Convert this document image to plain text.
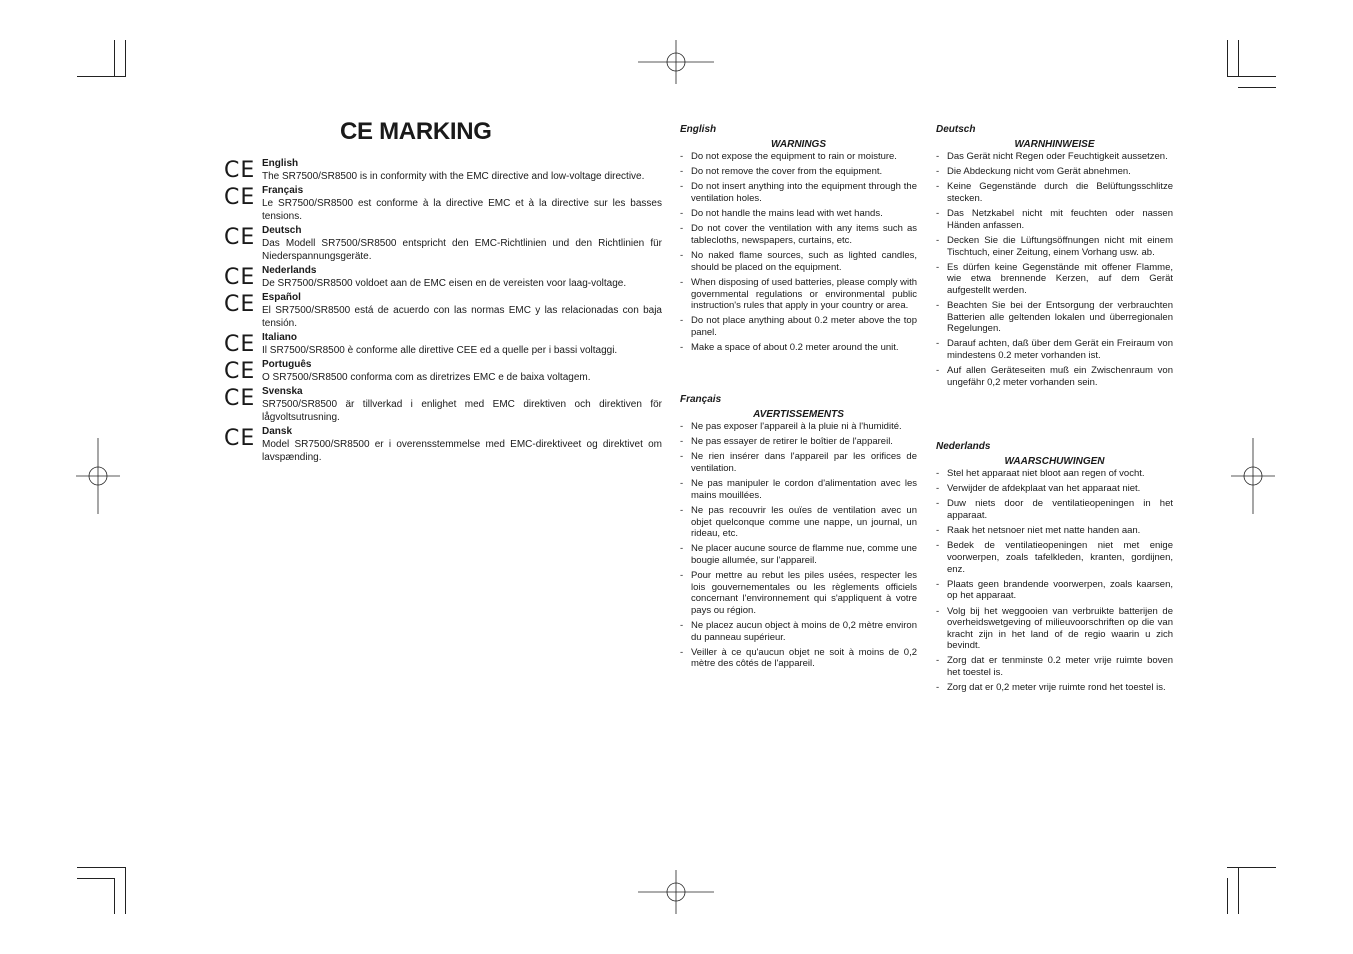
CE MARKING
CE English
The SR7500/SR8500 is in conformity with the EMC directive and low-voltage directive.
CE Français
Le SR7500/SR8500 est conforme à la directive EMC et à la directive sur les basses tensions.
CE Deutsch
Das Modell SR7500/SR8500 entspricht den EMC-Richtlinien und den Richtlinien für Niederspannungsgeräte.
CE Nederlands
De SR7500/SR8500 voldoet aan de EMC eisen en de vereisten voor laag-voltage.
CE Español
El SR7500/SR8500 está de acuerdo con las normas EMC y las relacionadas con baja tensión.
CE Italiano
Il SR7500/SR8500 è conforme alle direttive CEE ed a quelle per i bassi voltaggi.
CE Português
O SR7500/SR8500 conforma com as diretrizes EMC e de baixa voltagem.
CE Svenska
SR7500/SR8500 är tillverkad i enlighet med EMC direktiven och direktiven för lågvoltsutrusning.
CE Dansk
Model SR7500/SR8500 er i overensstemmelse med EMC-direktiveet og direktivet om lavspænding.
English
WARNINGS
- Do not expose the equipment to rain or moisture.
- Do not remove the cover from the equipment.
- Do not insert anything into the equipment through the ventilation holes.
- Do not handle the mains lead with wet hands.
- Do not cover the ventilation with any items such as tablecloths, newspapers, curtains, etc.
- No naked flame sources, such as lighted candles, should be placed on the equipment.
- When disposing of used batteries, please comply with governmental regulations or environmental public instruction's rules that apply in your country or area.
- Do not place anything about 0.2 meter above the top panel.
- Make a space of about 0.2 meter around the unit.
Français
AVERTISSEMENTS
- Ne pas exposer l'appareil à la pluie ni à l'humidité.
- Ne pas essayer de retirer le boîtier de l'appareil.
- Ne rien insérer dans l'appareil par les orifices de ventilation.
- Ne pas manipuler le cordon d'alimentation avec les mains mouillées.
- Ne pas recouvrir les ouïes de ventilation avec un objet quelconque comme une nappe, un journal, un rideau, etc.
- Ne placer aucune source de flamme nue, comme une bougie allumée, sur l'appareil.
- Pour mettre au rebut les piles usées, respecter les lois gouvernementales ou les règlements officiels concernant l'environnement qui s'appliquent à votre pays ou région.
- Ne placez aucun object à moins de 0,2 mètre environ du panneau supérieur.
- Veiller à ce qu'aucun objet ne soit à moins de 0,2 mètre des côtés de l'appareil.
Deutsch
WARNHINWEISE
- Das Gerät nicht Regen oder Feuchtigkeit aussetzen.
- Die Abdeckung nicht vom Gerät abnehmen.
- Keine Gegenstände durch die Belüftungsschlitze stecken.
- Das Netzkabel nicht mit feuchten oder nassen Händen anfassen.
- Decken Sie die Lüftungsöffnungen nicht mit einem Tischtuch, einer Zeitung, einem Vorhang usw. ab.
- Es dürfen keine Gegenstände mit offener Flamme, wie etwa brennende Kerzen, auf dem Gerät aufgestellt werden.
- Beachten Sie bei der Entsorgung der verbrauchten Batterien alle geltenden lokalen und überregionalen Regelungen.
- Darauf achten, daß über dem Gerät ein Freiraum von mindestens 0.2 meter vorhanden ist.
- Auf allen Geräteseiten muß ein Zwischenraum von ungefähr 0,2 meter vorhanden sein.
Nederlands
WAARSCHUWINGEN
- Stel het apparaat niet bloot aan regen of vocht.
- Verwijder de afdekplaat van het apparaat niet.
- Duw niets door de ventilatieopeningen in het apparaat.
- Raak het netsnoer niet met natte handen aan.
- Bedek de ventilatieopeningen niet met enige voorwerpen, zoals tafelkleden, kranten, gordijnen, enz.
- Plaats geen brandende voorwerpen, zoals kaarsen, op het apparaat.
- Volg bij het weggooien van verbruikte batterijen de overheidswetgeving of milieuvoorschriften op die van kracht zijn in het land of de regio waarin u zich bevindt.
- Zorg dat er tenminste 0.2 meter vrije ruimte boven het toestel is.
- Zorg dat er 0,2 meter vrije ruimte rond het toestel is.
